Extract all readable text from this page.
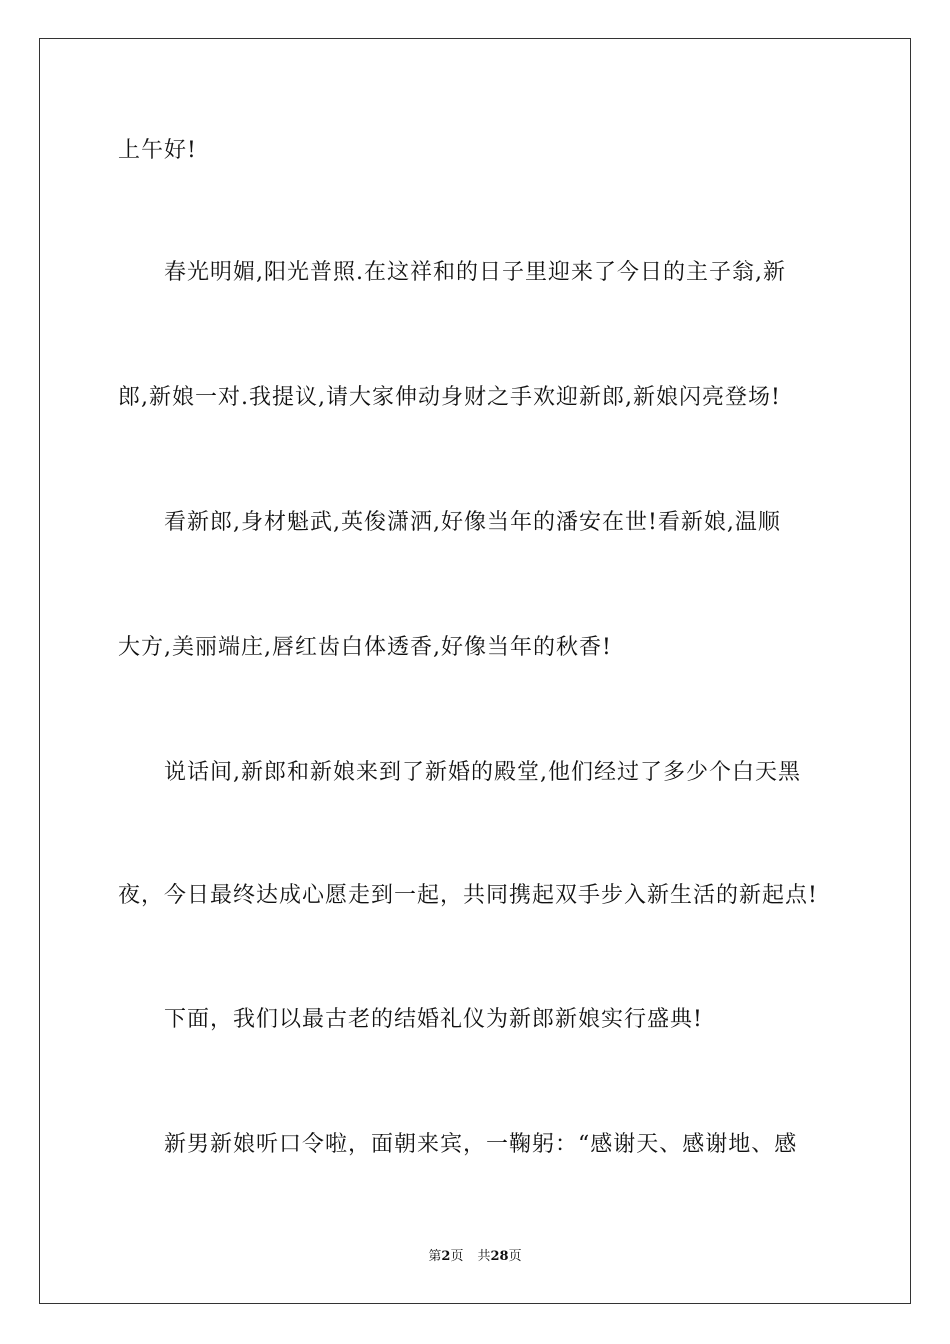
上午好!
春光明媚,阳光普照.在这祥和的日子里迎来了今日的主子翁,新
郎,新娘一对.我提议,请大家伸动身财之手欢迎新郎,新娘闪亮登场!
看新郎,身材魁武,英俊潇洒,好像当年的潘安在世!看新娘,温顺
大方,美丽端庄,唇红齿白体透香,好像当年的秋香!
说话间,新郎和新娘来到了新婚的殿堂,他们经过了多少个白天黑
夜，今日最终达成心愿走到一起，共同携起双手步入新生活的新起点!
下面，我们以最古老的结婚礼仪为新郎新娘实行盛典!
新男新娘听口令啦，面朝来宾，一鞠躬：“感谢天、感谢地、感
第2页 共28页
